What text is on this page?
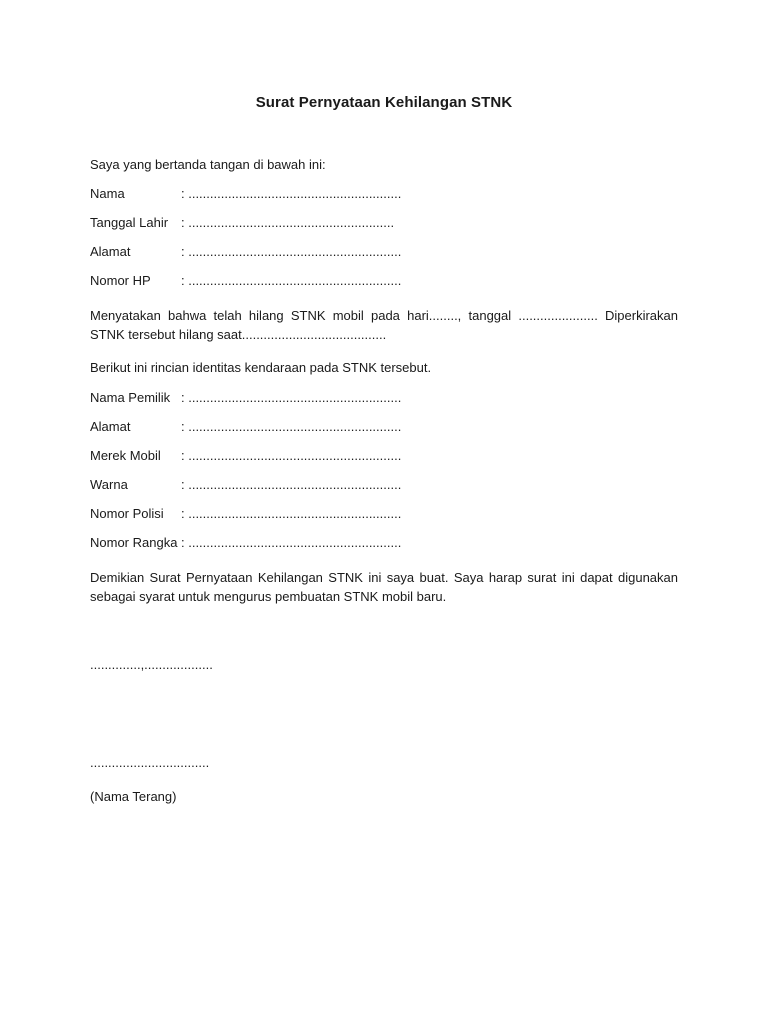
Surat Pernyataan Kehilangan STNK
Saya yang bertanda tangan di bawah ini:
Nama	: ...........................................................
Tanggal Lahir : .........................................................
Alamat	: ...........................................................
Nomor HP : ...........................................................
Menyatakan bahwa telah hilang STNK mobil pada hari........, tanggal ...................... Diperkirakan STNK tersebut hilang saat........................................
Berikut ini rincian identitas kendaraan pada STNK tersebut.
Nama Pemilik : ...........................................................
Alamat	: ...........................................................
Merek Mobil : ...........................................................
Warna	: ...........................................................
Nomor Polisi : ...........................................................
Nomor Rangka : ...........................................................
Demikian Surat Pernyataan Kehilangan STNK ini saya buat. Saya harap surat ini dapat digunakan sebagai syarat untuk mengurus pembuatan STNK mobil baru.
..............,...................
.................................
(Nama Terang)
